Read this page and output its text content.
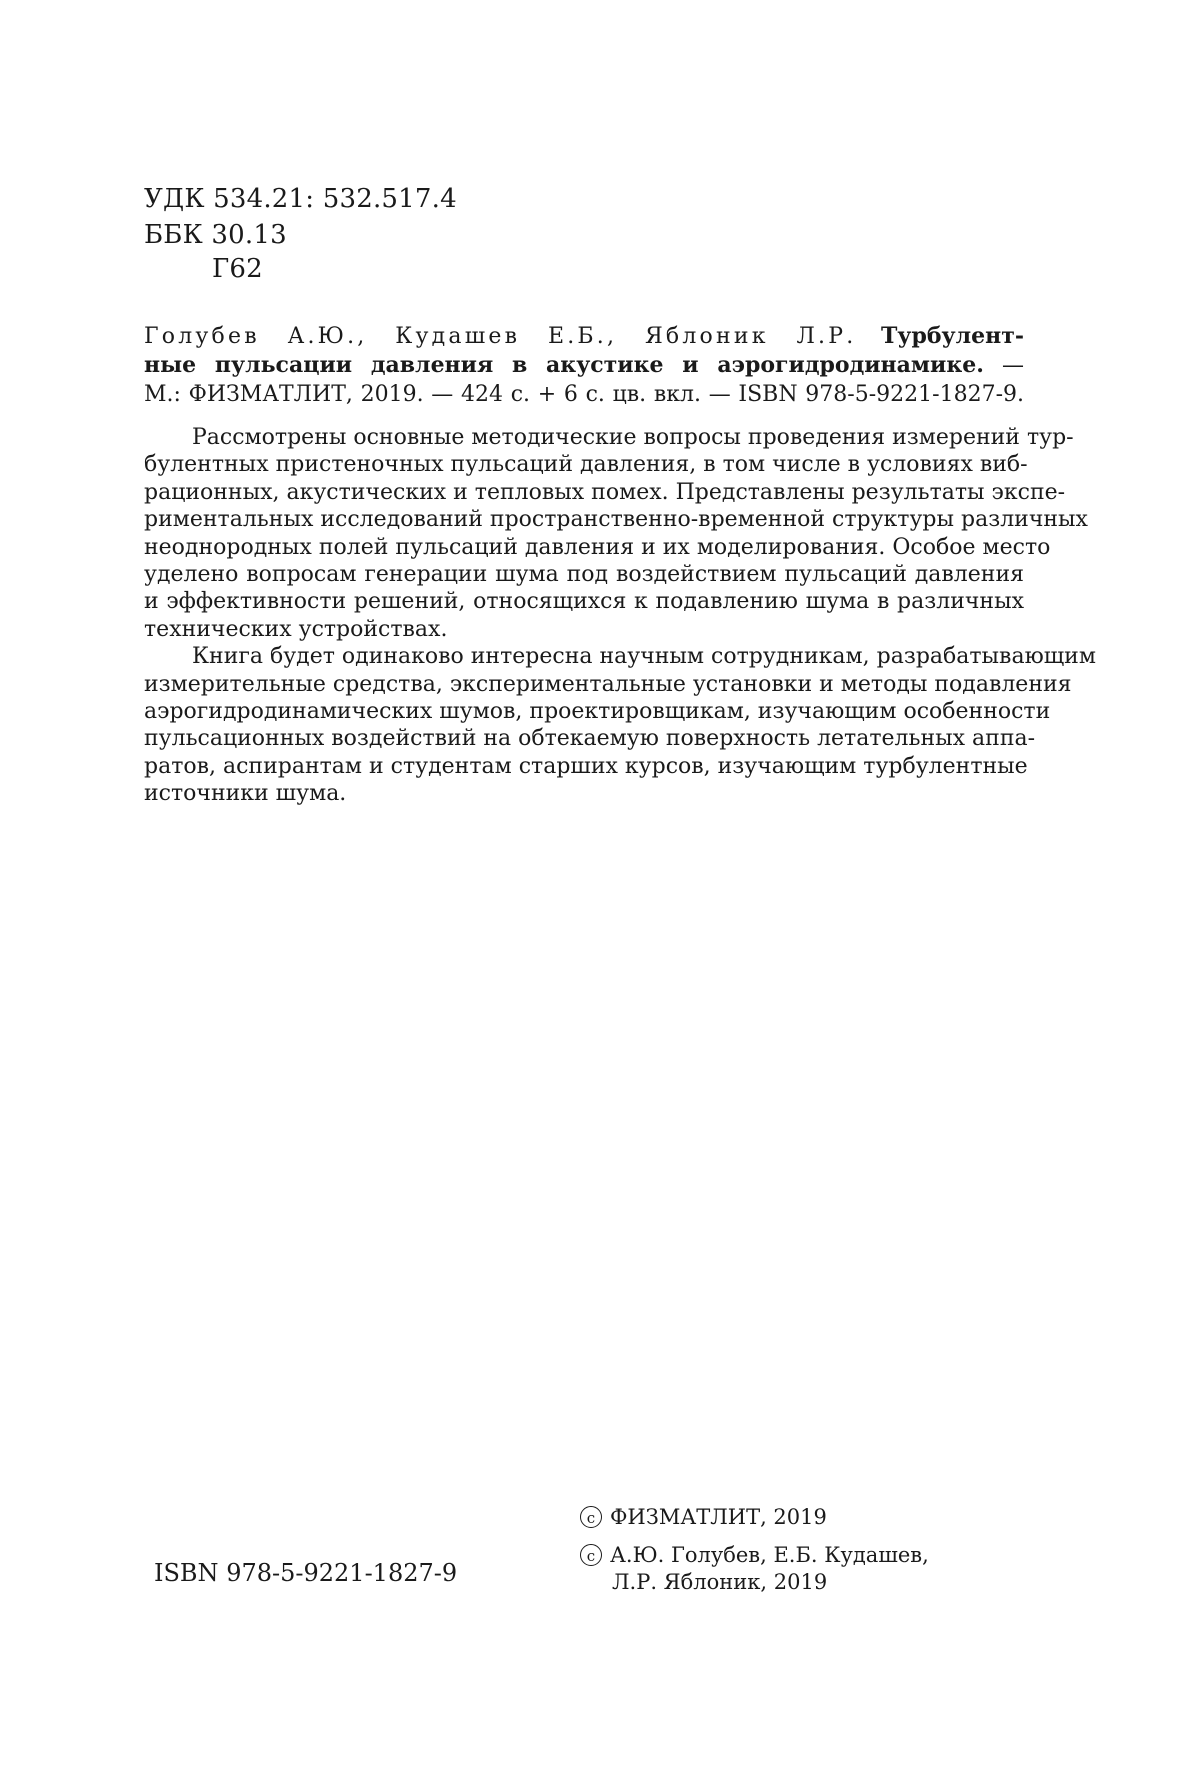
УДК 534.21: 532.517.4
ББК 30.13
Г62
Голубев А.Ю., Кудашев Е.Б., Яблоник Л.Р. Турбулент-
ные пульсации давления в акустике и аэрогидродинамике. —
М.: ФИЗМАТЛИТ, 2019. — 424 с. + 6 с. цв. вкл. — ISBN 978-5-9221-1827-9.
Рассмотрены основные методические вопросы проведения измерений тур-
булентных пристеночных пульсаций давления, в том числе в условиях виб-
рационных, акустических и тепловых помех. Представлены результаты экспе-
риментальных исследований пространственно-временной структуры различных
неоднородных полей пульсаций давления и их моделирования. Особое место
уделено вопросам генерации шума под воздействием пульсаций давления
и эффективности решений, относящихся к подавлению шума в различных
технических устройствах.
Книга будет одинаково интересна научным сотрудникам, разрабатывающим
измерительные средства, экспериментальные установки и методы подавления
аэрогидродинамических шумов, проектировщикам, изучающим особенности
пульсационных воздействий на обтекаемую поверхность летательных аппа-
ратов, аспирантам и студентам старших курсов, изучающим турбулентные
источники шума.
ISBN 978-5-9221-1827-9
c ФИЗМАТЛИТ, 2019
c А.Ю. Голубев, Е.Б. Кудашев,
Л.Р. Яблоник, 2019
